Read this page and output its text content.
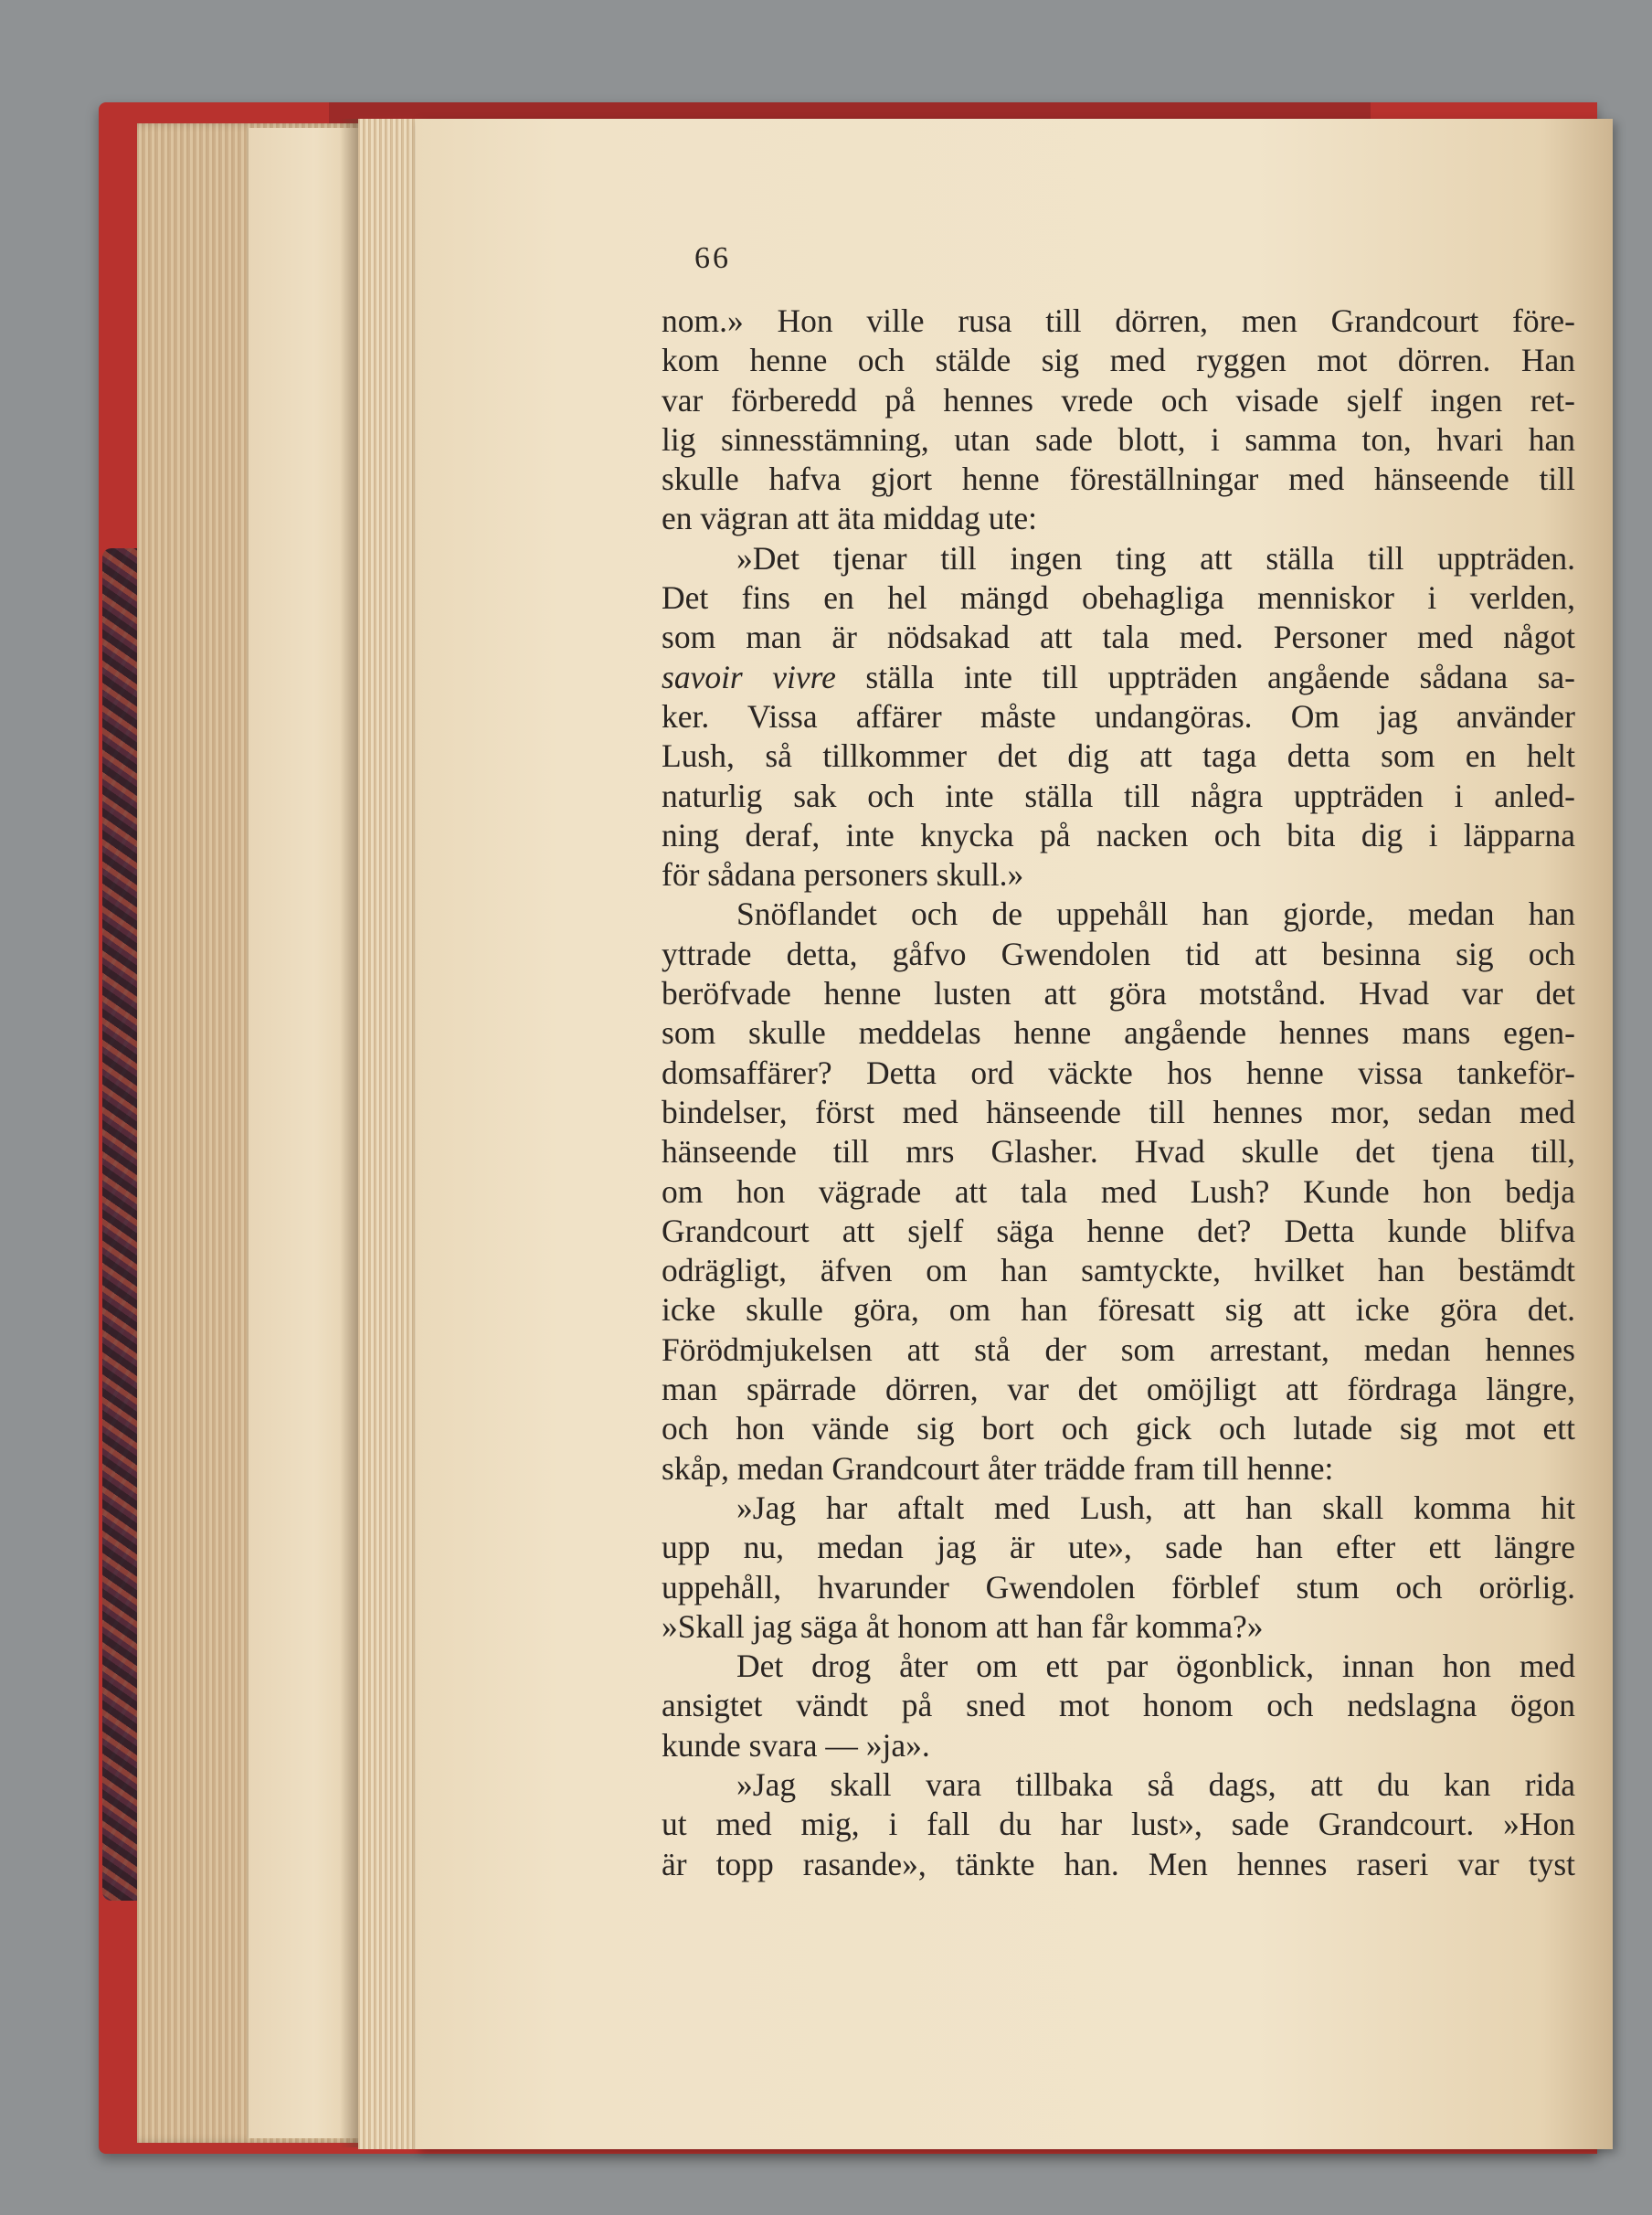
66
nom.» Hon ville rusa till dörren, men Grandcourt före-
kom henne och stälde sig med ryggen mot dörren. Han
var förberedd på hennes vrede och visade sjelf ingen ret-
lig sinnesstämning, utan sade blott, i samma ton, hvari han
skulle hafva gjort henne föreställningar med hänseende till
en vägran att äta middag ute:
»Det tjenar till ingen ting att ställa till uppträden.
Det fins en hel mängd obehagliga menniskor i verlden,
som man är nödsakad att tala med. Personer med något
savoir vivre ställa inte till uppträden angående sådana sa-
ker. Vissa affärer måste undangöras. Om jag använder
Lush, så tillkommer det dig att taga detta som en helt
naturlig sak och inte ställa till några uppträden i anled-
ning deraf, inte knycka på nacken och bita dig i läpparna
för sådana personers skull.»
Snöflandet och de uppehåll han gjorde, medan han
yttrade detta, gåfvo Gwendolen tid att besinna sig och
beröfvade henne lusten att göra motstånd. Hvad var det
som skulle meddelas henne angående hennes mans egen-
domsaffärer? Detta ord väckte hos henne vissa tankeför-
bindelser, först med hänseende till hennes mor, sedan med
hänseende till mrs Glasher. Hvad skulle det tjena till,
om hon vägrade att tala med Lush? Kunde hon bedja
Grandcourt att sjelf säga henne det? Detta kunde blifva
odrägligt, äfven om han samtyckte, hvilket han bestämdt
icke skulle göra, om han föresatt sig att icke göra det.
Förödmjukelsen att stå der som arrestant, medan hennes
man spärrade dörren, var det omöjligt att fördraga längre,
och hon vände sig bort och gick och lutade sig mot ett
skåp, medan Grandcourt åter trädde fram till henne:
»Jag har aftalt med Lush, att han skall komma hit
upp nu, medan jag är ute», sade han efter ett längre
uppehåll, hvarunder Gwendolen förblef stum och orörlig.
»Skall jag säga åt honom att han får komma?»
Det drog åter om ett par ögonblick, innan hon med
ansigtet vändt på sned mot honom och nedslagna ögon
kunde svara — »ja».
»Jag skall vara tillbaka så dags, att du kan rida
ut med mig, i fall du har lust», sade Grandcourt. »Hon
är topp rasande», tänkte han. Men hennes raseri var tyst
